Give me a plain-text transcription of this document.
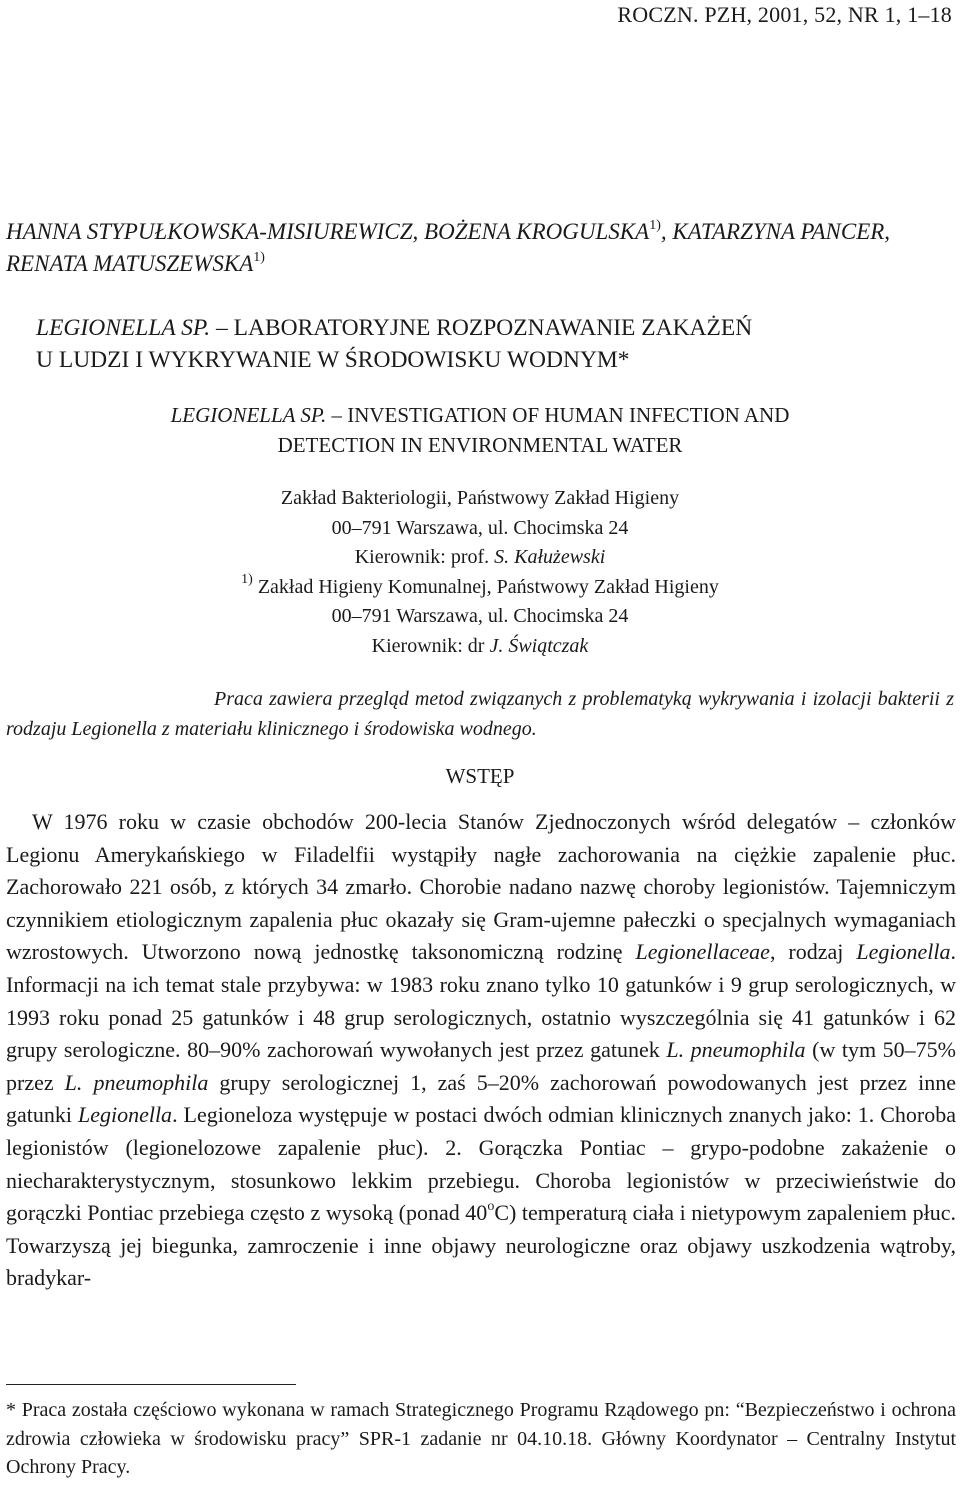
ROCZN. PZH, 2001, 52, NR 1, 1–18
HANNA STYPUŁKOWSKA-MISIUREWICZ, BOŻENA KROGULSKA$^{1)}$, KATARZYNA PANCER, RENATA MATUSZEWSKA$^{1)}$
LEGIONELLA SP. – LABORATORYJNE ROZPOZNAWANIE ZAKAŻEŃ
U LUDZI I WYKRYWANIE W ŚRODOWISKU WODNYM*
LEGIONELLA SP. – INVESTIGATION OF HUMAN INFECTION AND
DETECTION IN ENVIRONMENTAL WATER
Zakład Bakteriologii, Państwowy Zakład Higieny
00–791 Warszawa, ul. Chocimska 24
Kierownik: prof. S. Kałużewski
$^{1)}$ Zakład Higieny Komunalnej, Państwowy Zakład Higieny
00–791 Warszawa, ul. Chocimska 24
Kierownik: dr J. Świątczak
Praca zawiera przegląd metod związanych z problematyką wykrywania i izolacji bakterii z rodzaju Legionella z materiału klinicznego i środowiska wodnego.
WSTĘP
W 1976 roku w czasie obchodów 200-lecia Stanów Zjednoczonych wśród delegatów – członków Legionu Amerykańskiego w Filadelfii wystąpiły nagłe zachorowania na ciężkie zapalenie płuc. Zachorowało 221 osób, z których 34 zmarło. Chorobie nadano nazwę choroby legionistów. Tajemniczym czynnikiem etiologicznym zapalenia płuc okazały się Gram-ujemne pałeczki o specjalnych wymaganiach wzrostowych. Utworzono nową jednostkę taksonomiczną rodzinę Legionellaceae, rodzaj Legionella. Informacji na ich temat stale przybywa: w 1983 roku znano tylko 10 gatunków i 9 grup serologicznych, w 1993 roku ponad 25 gatunków i 48 grup serologicznych, ostatnio wyszczególnia się 41 gatunków i 62 grupy serologiczne. 80–90% zachorowań wywołanych jest przez gatunek L. pneumophila (w tym 50–75% przez L. pneumophila grupy serologicznej 1, zaś 5–20% zachorowań powodowanych jest przez inne gatunki Legionella. Legioneloza występuje w postaci dwóch odmian klinicznych znanych jako: 1. Choroba legionistów (legionelozowe zapalenie płuc). 2. Gorączka Pontiac – grypo-podobne zakażenie o niecharakterystycznym, stosunkowo lekkim przebiegu. Choroba legionistów w przeciwieństwie do gorączki Pontiac przebiega często z wysoką (ponad 40$^o$C) temperaturą ciała i nietypowym zapaleniem płuc. Towarzyszą jej biegunka, zamroczenie i inne objawy neurologiczne oraz objawy uszkodzenia wątroby, bradykar-
* Praca została częściowo wykonana w ramach Strategicznego Programu Rządowego pn: “Bezpieczeństwo i ochrona zdrowia człowieka w środowisku pracy” SPR-1 zadanie nr 04.10.18. Główny Koordynator – Centralny Instytut Ochrony Pracy.
